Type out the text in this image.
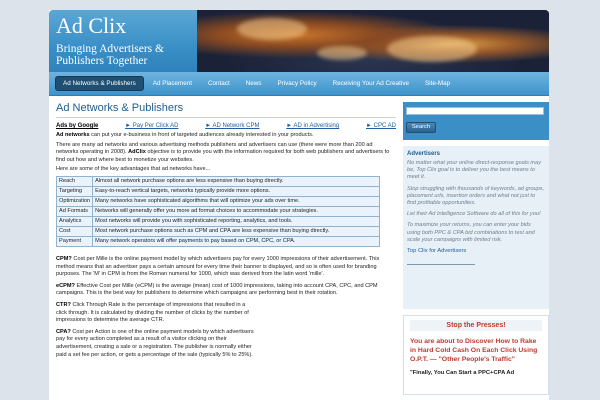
Ad Clix
Bringing Advertisers & Publishers Together
Ad Networks & Publishers	Ad Placement	Contact	News	Privacy Policy	Receiving Your Ad Creative	Site-Map
Ad Networks & Publishers
Ads by Google	► Pay Per Click AD	► AD Network CPM	► AD in Advertising	► CPC AD

Ad networks can put your e-business in front of targeted audiences already interested in your products.

There are many ad networks and various advertising methods publishers and advertisers can use (there were more than 200 ad networks operating in 2008). AdClix objective is to provide you with the information required for both web publishers and advertisers to find out how and where best to monetize your websites.

Here are some of the key advantages that ad networks have...

Reach	Almost all network purchase options are less expensive than buying directly.
Targeting	Easy-to-reach vertical targets, networks typically provide more options.
Optimization	Many networks have sophisticated algorithms that will optimize your ads over time.
Ad Formats	Networks will generally offer you more ad format choices to accommodate your strategies.
Analytics	Most networks will provide you with sophisticated reporting, analytics, and tools.
Cost	Most network purchase options such as CPM and CPA are less expensive than buying directly.
Payment	Many network operators will offer payments to pay based on CPM, CPC, or CPA.

CPM? Cost per Mille is the online payment model by which advertisers pay for every 1000 impressions of their advertisement. This method means that an advertiser pays a certain amount for every time their banner is displayed, and so is often used for branding purposes. The 'M' in CPM is from the Roman numeral for 1000, which was derived from the latin word 'mille'.

eCPM? Effective Cost per Mille (eCPM) is the average (mean) cost of 1000 impressions, taking into account CPA, CPC, and CPM campaigns. This is the best way for publishers to determine which campaigns are performing best in their rotation.

CTR? Click Through Rate is the percentage of impressions that resulted in a click through. It is calculated by dividing the number of clicks by the number of impressions to determine the average CTR.

CPA? Cost per Action is one of the online payment models by which advertisers pay for every action completed as a result of a visitor clicking on their advertisement, creating a sale or a registration. The publisher is normally either paid a set fee per action, or gets a percentage of the sale (typically 5% to 25%).

Search
Advertisers

No matter what your online direct-response goals may be, Top Clix goal is to deliver you the best means to meet it.

Stop struggling with thousands of keywords, ad groups, placement urls, insertion orders and what not just to find profitable opportunities.

Let their Ad Intelligence Software do all of this for you!

To maximize your returns, you can enter your bids using both PPC & CPA bid combinations to test and scale your campaigns with limited risk.

Top Clix for Advertisers
Stop the Presses!
You are about to Discover How to Rake in Hard Cold Cash On Each Click Using O.P.T. — "Other People's Traffic"
"Finally, You Can Start a PPC+CPA Ad
